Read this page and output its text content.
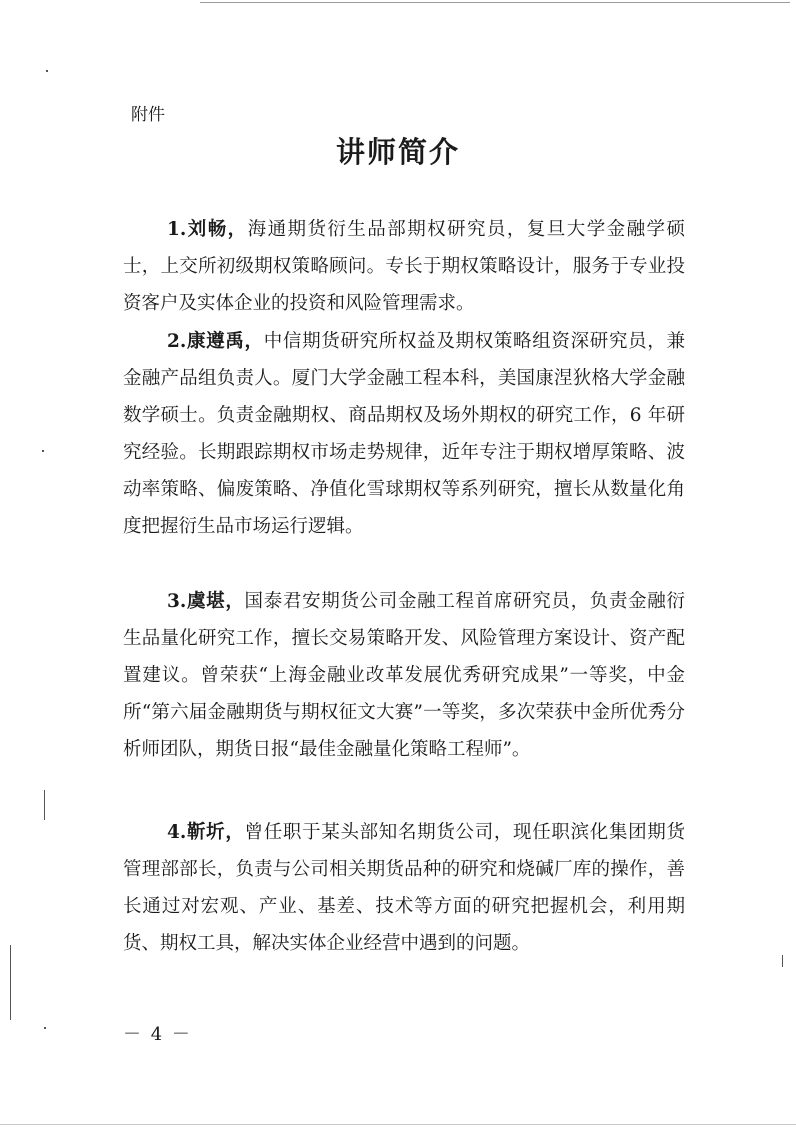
附件

讲师简介

1.刘畅，海通期货衍生品部期权研究员，复旦大学金融学硕士，上交所初级期权策略顾问。专长于期权策略设计，服务于专业投资客户及实体企业的投资和风险管理需求。

2.康遵禹，中信期货研究所权益及期权策略组资深研究员，兼金融产品组负责人。厦门大学金融工程本科，美国康涅狄格大学金融数学硕士。负责金融期权、商品期权及场外期权的研究工作，6 年研究经验。长期跟踪期权市场走势规律，近年专注于期权增厚策略、波动率策略、偏废策略、净值化雪球期权等系列研究，擅长从数量化角度把握衍生品市场运行逻辑。

3.虞堪，国泰君安期货公司金融工程首席研究员，负责金融衍生品量化研究工作，擅长交易策略开发、风险管理方案设计、资产配置建议。曾荣获“上海金融业改革发展优秀研究成果”一等奖，中金所“第六届金融期货与期权征文大赛”一等奖，多次荣获中金所优秀分析师团队，期货日报“最佳金融量化策略工程师”。

4.靳圻，曾任职于某头部知名期货公司，现任职滨化集团期货管理部部长，负责与公司相关期货品种的研究和烧碱厂库的操作，善长通过对宏观、产业、基差、技术等方面的研究把握机会，利用期货、期权工具，解决实体企业经营中遇到的问题。

－ 4 －
